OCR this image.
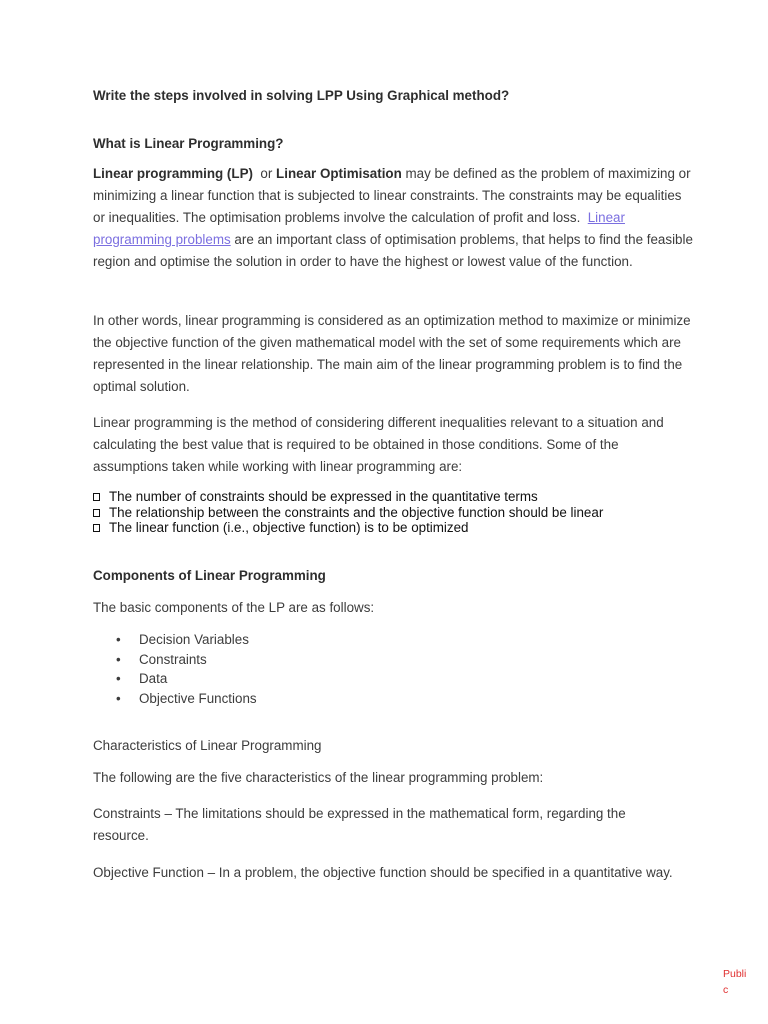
Write the steps involved in solving LPP Using Graphical method?

What is Linear Programming?

Linear programming (LP)  or Linear Optimisation may be defined as the problem of maximizing or minimizing a linear function that is subjected to linear constraints. The constraints may be equalities or inequalities. The optimisation problems involve the calculation of profit and loss.  Linear programming problems are an important class of optimisation problems, that helps to find the feasible region and optimise the solution in order to have the highest or lowest value of the function.

In other words, linear programming is considered as an optimization method to maximize or minimize the objective function of the given mathematical model with the set of some requirements which are represented in the linear relationship. The main aim of the linear programming problem is to find the optimal solution.

Linear programming is the method of considering different inequalities relevant to a situation and calculating the best value that is required to be obtained in those conditions. Some of the assumptions taken while working with linear programming are:

The number of constraints should be expressed in the quantitative terms
The relationship between the constraints and the objective function should be linear
The linear function (i.e., objective function) is to be optimized

Components of Linear Programming

The basic components of the LP are as follows:

• Decision Variables
• Constraints
• Data
• Objective Functions

Characteristics of Linear Programming

The following are the five characteristics of the linear programming problem:

Constraints – The limitations should be expressed in the mathematical form, regarding the resource.

Objective Function – In a problem, the objective function should be specified in a quantitative way.

Public
